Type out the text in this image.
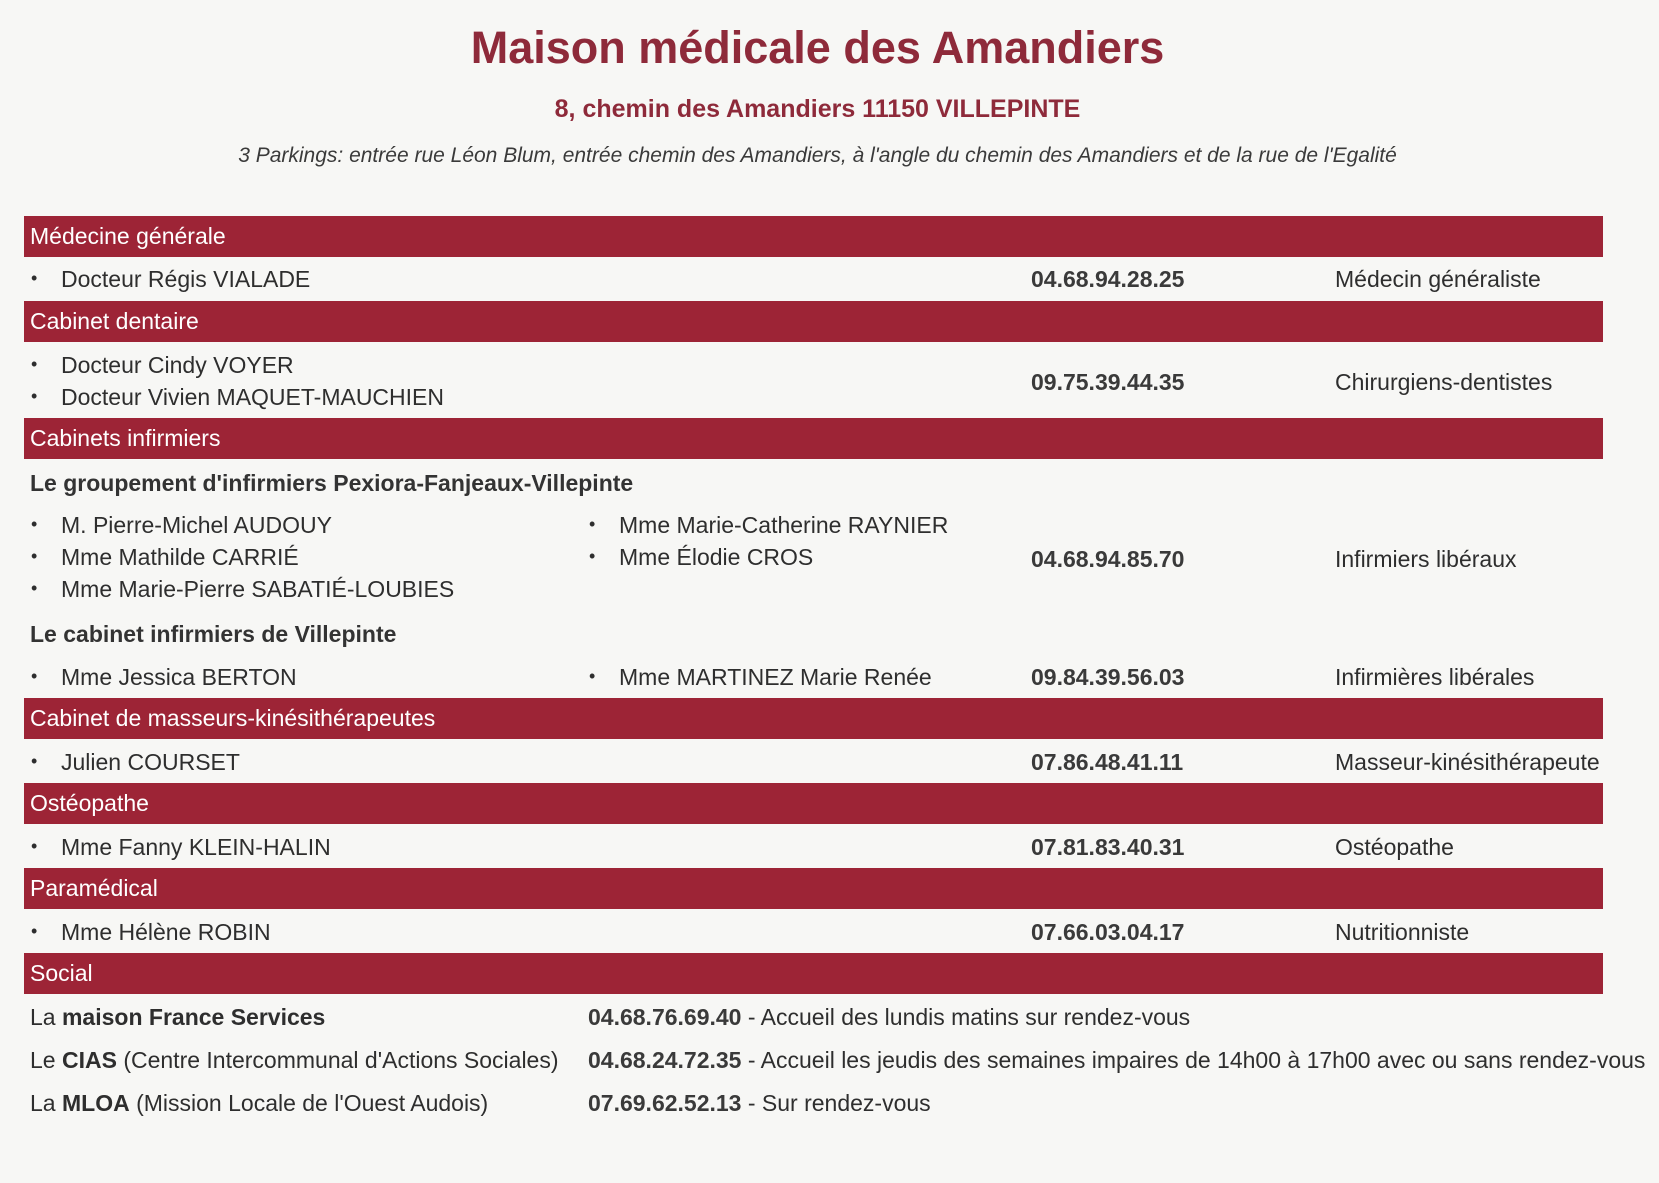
Maison médicale des Amandiers
8, chemin des Amandiers 11150 VILLEPINTE
3 Parkings: entrée rue Léon Blum, entrée chemin des Amandiers, à l'angle du chemin des Amandiers et de la rue de l'Egalité
Médecine générale
• Docteur Régis VIALADE	04.68.94.28.25	Médecin généraliste
Cabinet dentaire
• Docteur Cindy VOYER
• Docteur Vivien MAQUET-MAUCHIEN
09.75.39.44.35	Chirurgiens-dentistes
Cabinets infirmiers
Le groupement d'infirmiers Pexiora-Fanjeaux-Villepinte
• M. Pierre-Michel AUDOUY
• Mme Mathilde CARRIÉ
• Mme Marie-Pierre SABATIÉ-LOUBIES
• Mme Marie-Catherine RAYNIER
• Mme Élodie CROS	04.68.94.85.70	Infirmiers libéraux
Le cabinet infirmiers de Villepinte
• Mme Jessica BERTON
•	Mme MARTINEZ Marie Renée	09.84.39.56.03	Infirmières libérales
Cabinet de masseurs-kinésithérapeutes
• Julien COURSET	07.86.48.41.11	Masseur-kinésithérapeute
Ostéopathe
• Mme Fanny KLEIN-HALIN	07.81.83.40.31	Ostéopathe
Paramédical
• Mme Hélène ROBIN	07.66.03.04.17	Nutritionniste
Social
La maison France Services	04.68.76.69.40 - Accueil des lundis matins sur rendez-vous
Le CIAS (Centre Intercommunal d'Actions Sociales) 04.68.24.72.35 - Accueil les jeudis des semaines impaires de 14h00 à 17h00 avec ou sans rendez-vous
La MLOA (Mission Locale de l'Ouest Audois)	07.69.62.52.13 - Sur rendez-vous
